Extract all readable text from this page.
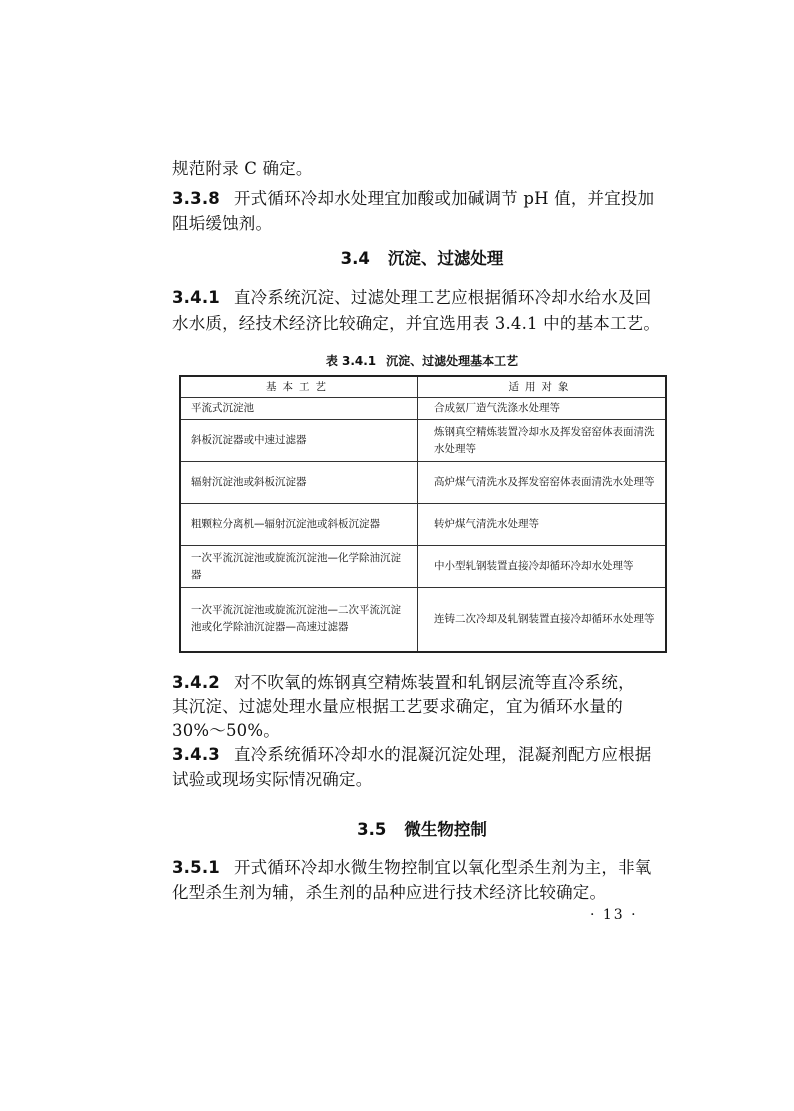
规范附录 C 确定。
3.3.8 开式循环冷却水处理宜加酸或加碱调节 pH 值，并宜投加
阻垢缓蚀剂。
3.4 沉淀、过滤处理
3.4.1 直冷系统沉淀、过滤处理工艺应根据循环冷却水给水及回
水水质，经技术经济比较确定，并宜选用表 3.4.1 中的基本工艺。
表 3.4.1 沉淀、过滤处理基本工艺
基本工艺	适用对象
平流式沉淀池	合成氨厂造气洗涤水处理等
斜板沉淀器或中速过滤器	炼钢真空精炼装置冷却水及挥发窑窑体表面清洗水处理等
辐射沉淀池或斜板沉淀器	高炉煤气清洗水及挥发窑窑体表面清洗水处理等
粗颗粒分离机—辐射沉淀池或斜板沉淀器	转炉煤气清洗水处理等
一次平流沉淀池或旋流沉淀池—化学除油沉淀器	中小型轧钢装置直接冷却循环冷却水处理等
一次平流沉淀池或旋流沉淀池—二次平流沉淀池或化学除油沉淀器—高速过滤器	连铸二次冷却及轧钢装置直接冷却循环水处理等
3.4.2 对不吹氧的炼钢真空精炼装置和轧钢层流等直冷系统，
其沉淀、过滤处理水量应根据工艺要求确定，宜为循环水量的
30%～50%。
3.4.3 直冷系统循环冷却水的混凝沉淀处理，混凝剂配方应根据
试验或现场实际情况确定。
3.5 微生物控制
3.5.1 开式循环冷却水微生物控制宜以氧化型杀生剂为主，非氧
化型杀生剂为辅，杀生剂的品种应进行技术经济比较确定。
· 13 ·
